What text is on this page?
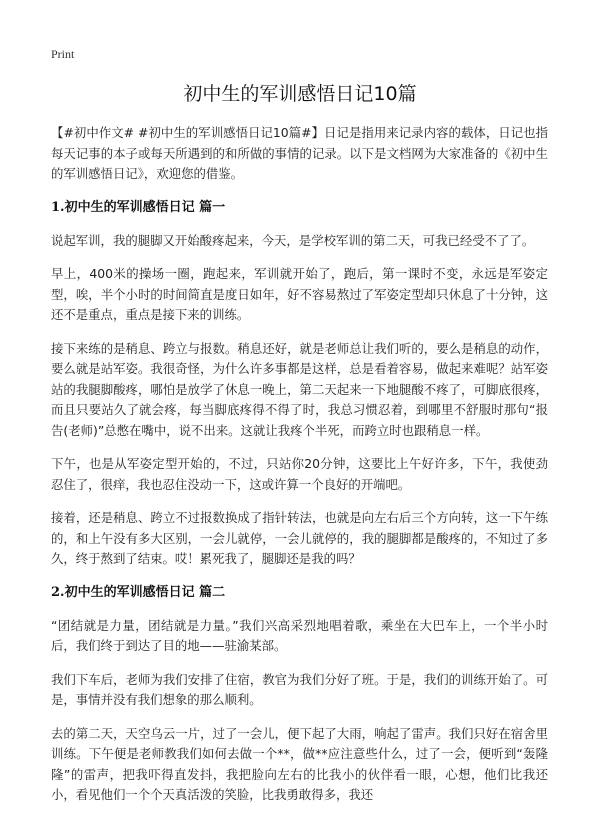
Print
初中生的军训感悟日记10篇

【#初中作文# #初中生的军训感悟日记10篇#】日记是指用来记录内容的载体，日记也指每天记事的本子或每天所遇到的和所做的事情的记录。以下是文档网为大家准备的《初中生的军训感悟日记》，欢迎您的借鉴。

1.初中生的军训感悟日记 篇一

说起军训，我的腿脚又开始酸疼起来，今天，是学校军训的第二天，可我已经受不了了。

早上，400米的操场一圈，跑起来，军训就开始了，跑后，第一课时不变，永远是军姿定型，唉，半个小时的时间简直是度日如年，好不容易熬过了军姿定型却只休息了十分钟，这还不是重点，重点是接下来的训练。

接下来练的是稍息、跨立与报数。稍息还好，就是老师总让我们听的，要么是稍息的动作，要么就是站军姿。我很奇怪，为什么许多事都是这样，总是看着容易，做起来难呢？站军姿站的我腿脚酸疼，哪怕是放学了休息一晚上，第二天起来一下地腿酸不疼了，可脚底很疼，而且只要站久了就会疼，每当脚底疼得不得了时，我总习惯忍着，到哪里不舒服时那句“报告(老师)”总憋在嘴中，说不出来。这就让我疼个半死，而跨立时也跟稍息一样。

下午，也是从军姿定型开始的，不过，只站你20分钟，这要比上午好许多，下午，我使劲忍住了，很痒，我也忍住没动一下，这或许算一个良好的开端吧。

接着，还是稍息、跨立不过报数换成了指针转法，也就是向左右后三个方向转，这一下午练的，和上午没有多大区别，一会儿就停，一会儿就停的，我的腿脚都是酸疼的，不知过了多久，终于熬到了结束。哎！累死我了，腿脚还是我的吗？

2.初中生的军训感悟日记 篇二

“团结就是力量，团结就是力量。”我们兴高采烈地唱着歌，乘坐在大巴车上，一个半小时后，我们终于到达了目的地——驻渝某部。

我们下车后，老师为我们安排了住宿，教官为我们分好了班。于是，我们的训练开始了。可是，事情并没有我们想象的那么顺利。

去的第二天，天空乌云一片，过了一会儿，便下起了大雨，响起了雷声。我们只好在宿舍里训练。下午便是老师教我们如何去做一个**，做**应注意些什么，过了一会，便听到“轰隆隆”的雷声，把我吓得直发抖，我把脸向左右的比我小的伙伴看一眼，心想，他们比我还小，看见他们一个个天真活泼的笑脸，比我勇敢得多，我还
